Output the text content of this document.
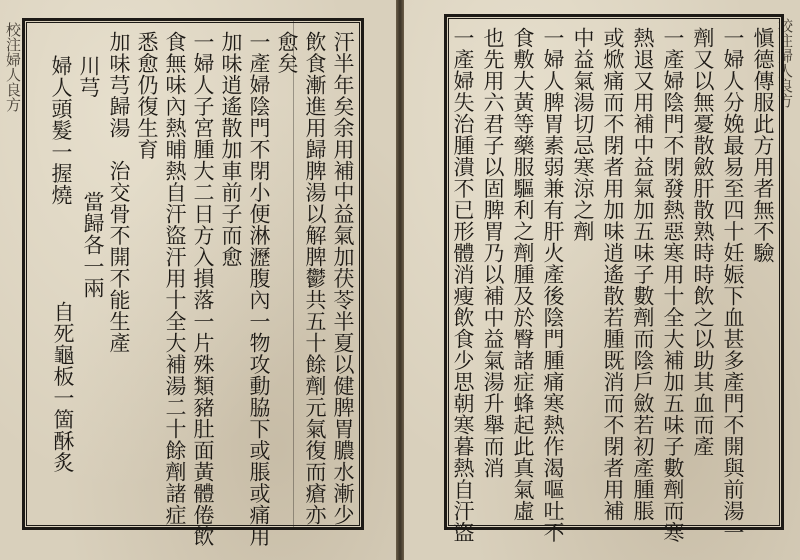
校注婦人良方	汗半年矣余用補中益氣加茯苓半夏以健脾胃膿水漸少
飲食漸進用歸脾湯以解脾鬱共五十餘劑元氣復而瘡亦
愈矣
一產婦陰門不閉小便淋瀝腹內一物攻動脇下或脹或痛用
加味逍遙散加車前子而愈
一婦人子宮腫大二日方入損落一片殊類豬肚面黃體倦飲
食無味內熱晡熱自汗盜汗用十全大補湯二十餘劑諸症
悉愈仍復生育
加味芎歸湯　治交骨不開不能生產
川芎
婦人頭髮一握燒
當歸各一兩
自死龜板一箇酥炙
校注婦人良方
愼德傳服此方用者無不驗
一婦人分娩最易至四十妊娠下血甚多產門不開與前湯一
劑又以無憂散斂肝散熟時時飲之以助其血而產
一產婦陰門不閉發熱惡寒用十全大補加五味子數劑而寒
熱退又用補中益氣加五味子數劑而陰戶斂若初產腫脹
或焮痛而不閉者用加味逍遙散若腫既消而不閉者用補
中益氣湯切忌寒涼之劑
一婦人脾胃素弱兼有肝火產後陰門腫痛寒熱作渴嘔吐不
食敷大黃等藥服驅利之劑腫及於臀諸症蜂起此真氣虛
也先用六君子以固脾胃乃以補中益氣湯升舉而消
一產婦失治腫潰不已形體消瘦飲食少思朝寒暮熱自汗盜
